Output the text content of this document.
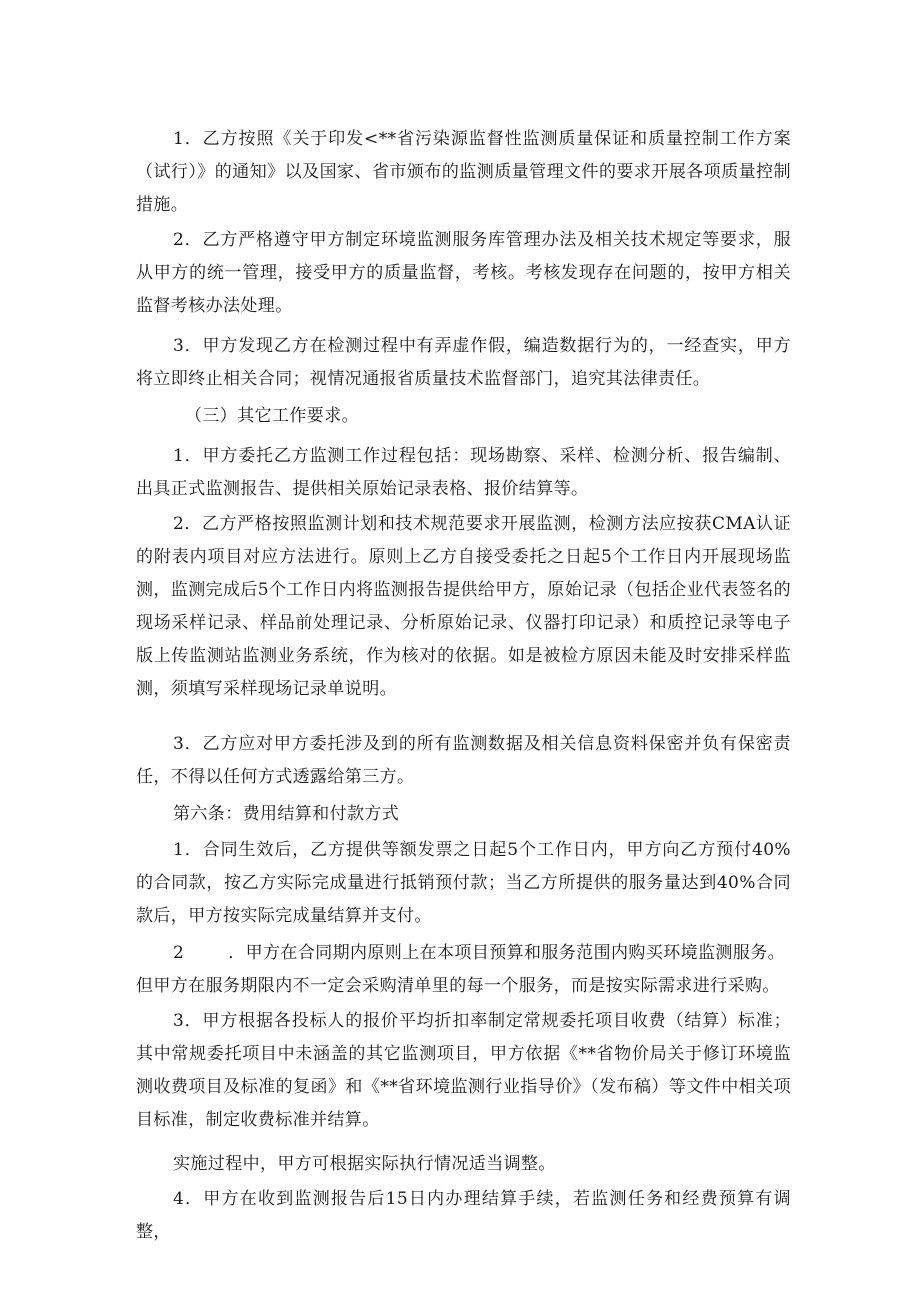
1．乙方按照《关于印发<**省污染源监督性监测质量保证和质量控制工作方案（试行）》的通知》以及国家、省市颁布的监测质量管理文件的要求开展各项质量控制措施。

2．乙方严格遵守甲方制定环境监测服务库管理办法及相关技术规定等要求，服从甲方的统一管理，接受甲方的质量监督，考核。考核发现存在问题的，按甲方相关监督考核办法处理。

3．甲方发现乙方在检测过程中有弄虚作假，编造数据行为的，一经查实，甲方将立即终止相关合同；视情况通报省质量技术监督部门，追究其法律责任。

（三）其它工作要求。

1．甲方委托乙方监测工作过程包括：现场勘察、采样、检测分析、报告编制、出具正式监测报告、提供相关原始记录表格、报价结算等。

2．乙方严格按照监测计划和技术规范要求开展监测，检测方法应按获CMA认证的附表内项目对应方法进行。原则上乙方自接受委托之日起5个工作日内开展现场监测，监测完成后5个工作日内将监测报告提供给甲方，原始记录（包括企业代表签名的现场采样记录、样品前处理记录、分析原始记录、仪器打印记录）和质控记录等电子版上传监测站监测业务系统，作为核对的依据。如是被检方原因未能及时安排采样监测，须填写采样现场记录单说明。

3．乙方应对甲方委托涉及到的所有监测数据及相关信息资料保密并负有保密责任，不得以任何方式透露给第三方。

第六条：费用结算和付款方式

1．合同生效后，乙方提供等额发票之日起5个工作日内，甲方向乙方预付40%的合同款，按乙方实际完成量进行抵销预付款；当乙方所提供的服务量达到40%合同款后，甲方按实际完成量结算并支付。

2	．甲方在合同期内原则上在本项目预算和服务范围内购买环境监测服务。
但甲方在服务期限内不一定会采购清单里的每一个服务，而是按实际需求进行采购。

3．甲方根据各投标人的报价平均折扣率制定常规委托项目收费（结算）标准；其中常规委托项目中未涵盖的其它监测项目，甲方依据《**省物价局关于修订环境监测收费项目及标准的复函》和《**省环境监测行业指导价》（发布稿）等文件中相关项目标准，制定收费标准并结算。

实施过程中，甲方可根据实际执行情况适当调整。

4．甲方在收到监测报告后15日内办理结算手续，若监测任务和经费预算有调整，
